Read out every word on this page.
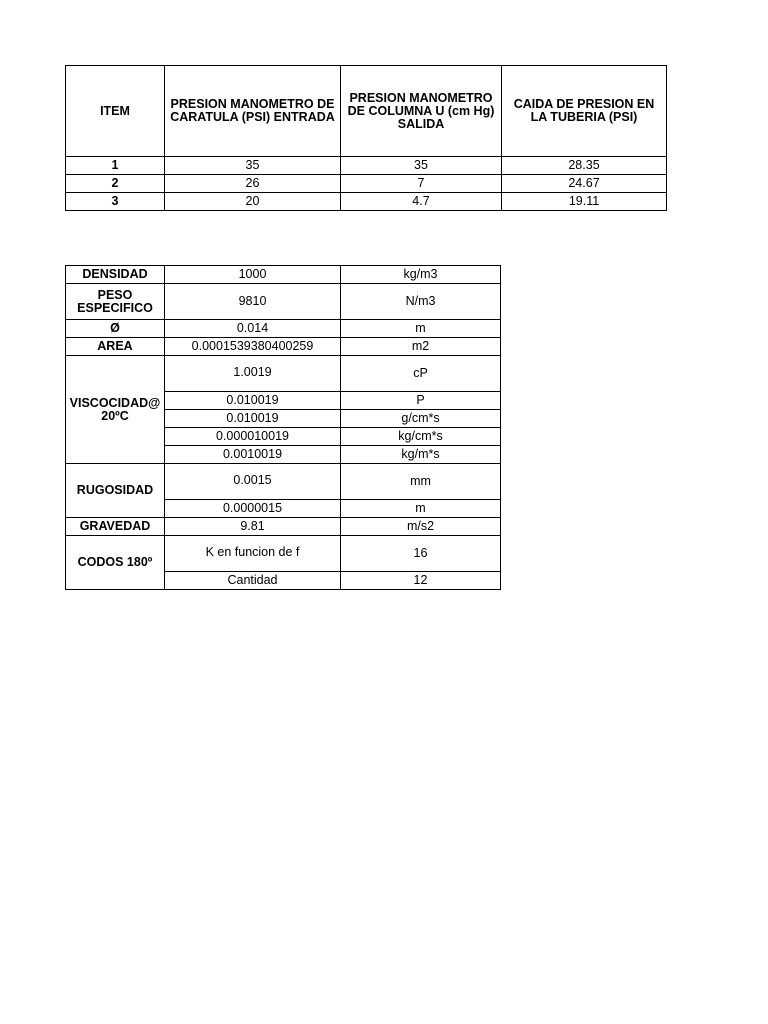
ITEM	PRESION MANOMETRO DE CARATULA (PSI) ENTRADA	PRESION MANOMETRO DE COLUMNA U (cm Hg) SALIDA	CAIDA DE PRESION EN LA TUBERIA (PSI)
1	35	35	28.35
2	26	7	24.67
3	20	4.7	19.11
DENSIDAD	1000	kg/m3
PESO ESPECIFICO	9810	N/m3
Ø	0.014	m
AREA	0.0001539380400259	m2
VISCOCIDAD@20ºC	1.0019	cP
	0.010019	P
	0.010019	g/cm*s
	0.000010019	kg/cm*s
	0.0010019	kg/m*s
RUGOSIDAD	0.0015	mm
	0.0000015	m
GRAVEDAD	9.81	m/s2
CODOS 180º	K en funcion de f	16
	Cantidad	12
